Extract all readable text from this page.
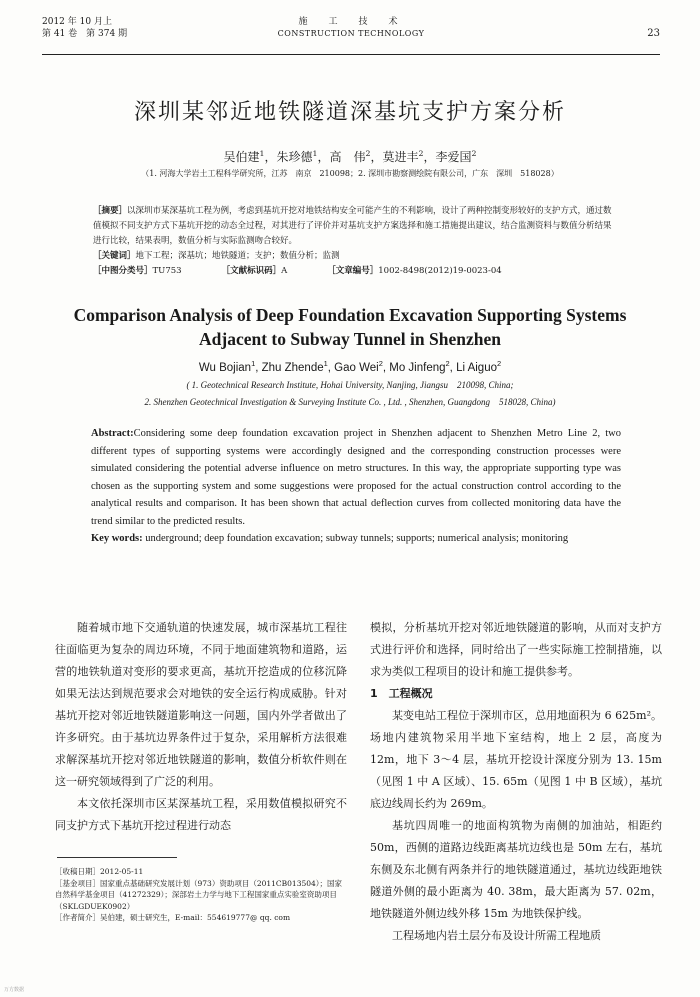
2012 年 10 月上
第 41 卷　第 374 期
施　工　技　术
CONSTRUCTION TECHNOLOGY	23
深圳某邻近地铁隧道深基坑支护方案分析
吴伯建$^1$，朱珍德$^1$，高　伟$^2$，莫进丰$^2$，李爱国$^2$
（1. 河海大学岩土工程科学研究所，江苏　南京　210098；2. 深圳市勘察测绘院有限公司，广东　深圳　518028）

［摘要］以深圳市某深基坑工程为例，考虑到基坑开挖对地铁结构安全可能产生的不利影响，设计了两种控制变形较好的支护方式，通过数值模拟不同支护方式下基坑开挖的动态全过程，对其进行了评价并对基坑支护方案选择和施工措施提出建议，结合监测资料与数值分析结果进行比较，结果表明，数值分析与实际监测吻合较好。

［关键词］地下工程；深基坑；地铁隧道；支护；数值分析；监测

［中图分类号］TU753	［文献标识码］A	［文章编号］1002-8498(2012)19-0023-04

Comparison Analysis of Deep Foundation Excavation Supporting Systems
Adjacent to Subway Tunnel in Shenzhen
Wu Bojian$^1$, Zhu Zhende$^1$, Gao Wei$^2$, Mo Jinfeng$^2$, Li Aiguo$^2$
( 1. Geotechnical Research Institute, Hohai University, Nanjing, Jiangsu　210098, China;
2. Shenzhen Geotechnical Investigation & Surveying Institute Co. , Ltd. , Shenzhen, Guangdong　518028, China)

Abstract:Considering some deep foundation excavation project in Shenzhen adjacent to Shenzhen Metro Line 2, two different types of supporting systems were accordingly designed and the corresponding construction processes were simulated considering the potential adverse influence on metro structures. In this way, the appropriate supporting type was chosen as the supporting system and some suggestions were proposed for the actual construction control according to the analytical results and comparison. It has been shown that actual deflection curves from collected monitoring data have the trend similar to the predicted results.

Key words: underground; deep foundation excavation; subway tunnels; supports; numerical analysis; monitoring

随着城市地下交通轨道的快速发展，城市深基坑工程往往面临更为复杂的周边环境，不同于地面建筑物和道路，运营的地铁轨道对变形的要求更高，基坑开挖造成的位移沉降如果无法达到规范要求会对地铁的安全运行构成威胁。针对基坑开挖对邻近地铁隧道影响这一问题，国内外学者做出了许多研究。由于基坑边界条件过于复杂，采用解析方法很难求解深基坑开挖对邻近地铁隧道的影响，数值分析软件则在这一研究领域得到了广泛的利用。

本文依托深圳市区某深基坑工程，采用数值模拟研究不同支护方式下基坑开挖过程进行动态

模拟，分析基坑开挖对邻近地铁隧道的影响，从而对支护方式进行评价和选择，同时给出了一些实际施工控制措施，以求为类似工程项目的设计和施工提供参考。

1　工程概况

某变电站工程位于深圳市区，总用地面积为 6 625m²。场地内建筑物采用半地下室结构，地上 2 层，高度为 12m，地下 3～4 层，基坑开挖设计深度分别为 13. 15m（见图 1 中 A 区域）、15. 65m（见图 1 中 B 区域），基坑底边线周长约为 269m。

基坑四周唯一的地面构筑物为南侧的加油站，相距约 50m，西侧的道路边线距离基坑边线也是 50m 左右，基坑东侧及东北侧有两条并行的地铁隧道通过，基坑边线距地铁隧道外侧的最小距离为 40. 38m，最大距离为 57. 02m，地铁隧道外侧边线外移 15m 为地铁保护线。

工程场地内岩土层分布及设计所需工程地质

［收稿日期］2012-05-11

［基金项目］国家重点基础研究发展计划（973）资助项目（2011CB013504）；国家自然科学基金项目（41272329）；深部岩土力学与地下工程国家重点实验室资助项目（SKLGDUEK0902）

［作者简介］吴伯建，硕士研究生，E-mail：554619777@ qq. com

万方数据
